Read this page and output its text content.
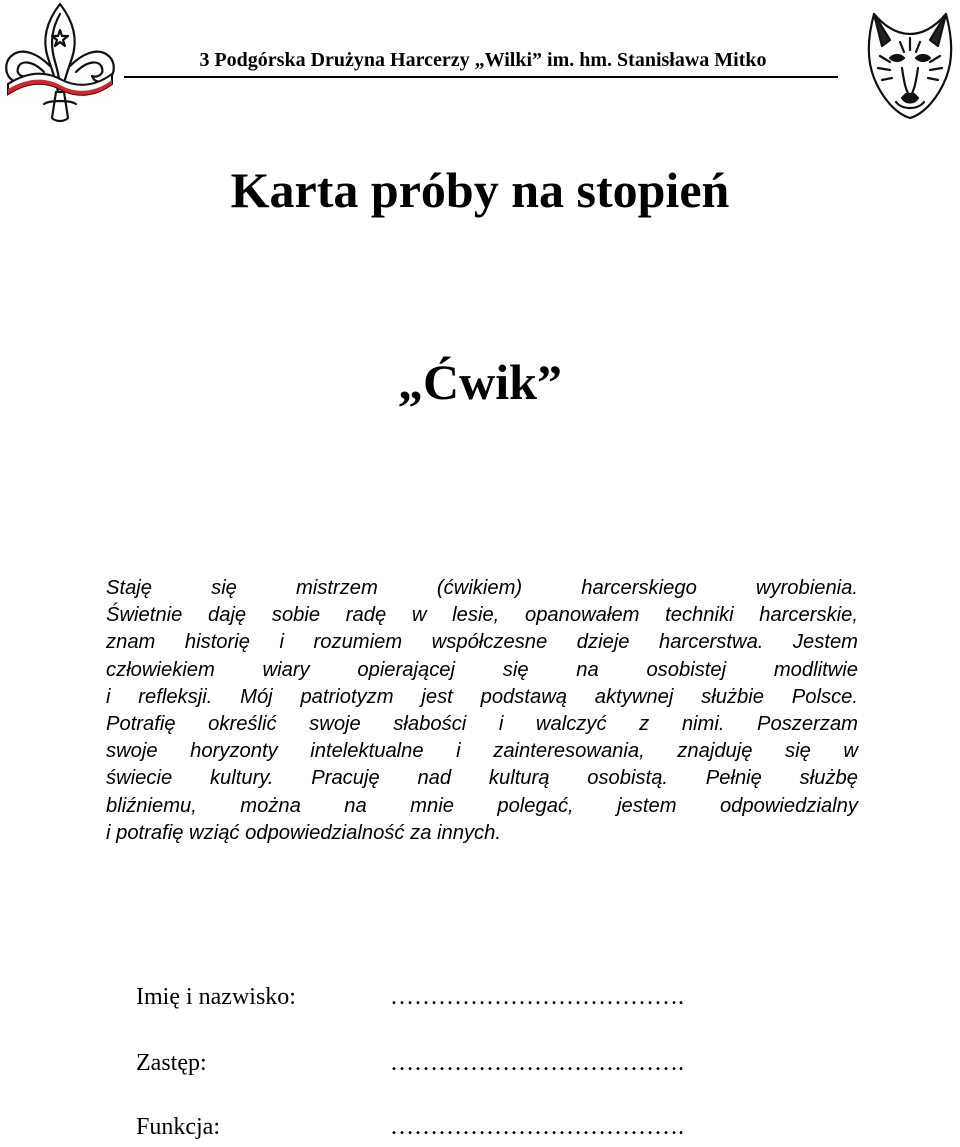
3 Podgórska Drużyna Harcerzy „Wilki” im. hm. Stanisława Mitko
Karta próby na stopień
„Ćwik”
Staję się mistrzem (ćwikiem) harcerskiego wyrobienia.
Świetnie daję sobie radę w lesie, opanowałem techniki harcerskie,
znam historię i rozumiem współczesne dzieje harcerstwa. Jestem
człowiekiem wiary opierającej się na osobistej modlitwie
i refleksji. Mój patriotyzm jest podstawą aktywnej służbie Polsce.
Potrafię określić swoje słabości i walczyć z nimi. Poszerzam
swoje horyzonty intelektualne i zainteresowania, znajduję się w
świecie kultury. Pracuję nad kulturą osobistą. Pełnię służbę
bliźniemu, można na mnie polegać, jestem odpowiedzialny
i potrafię wziąć odpowiedzialność za innych.
Imię i nazwisko:	……………………………….
Zastęp:	……………………………….
Funkcja:	……………………………….
